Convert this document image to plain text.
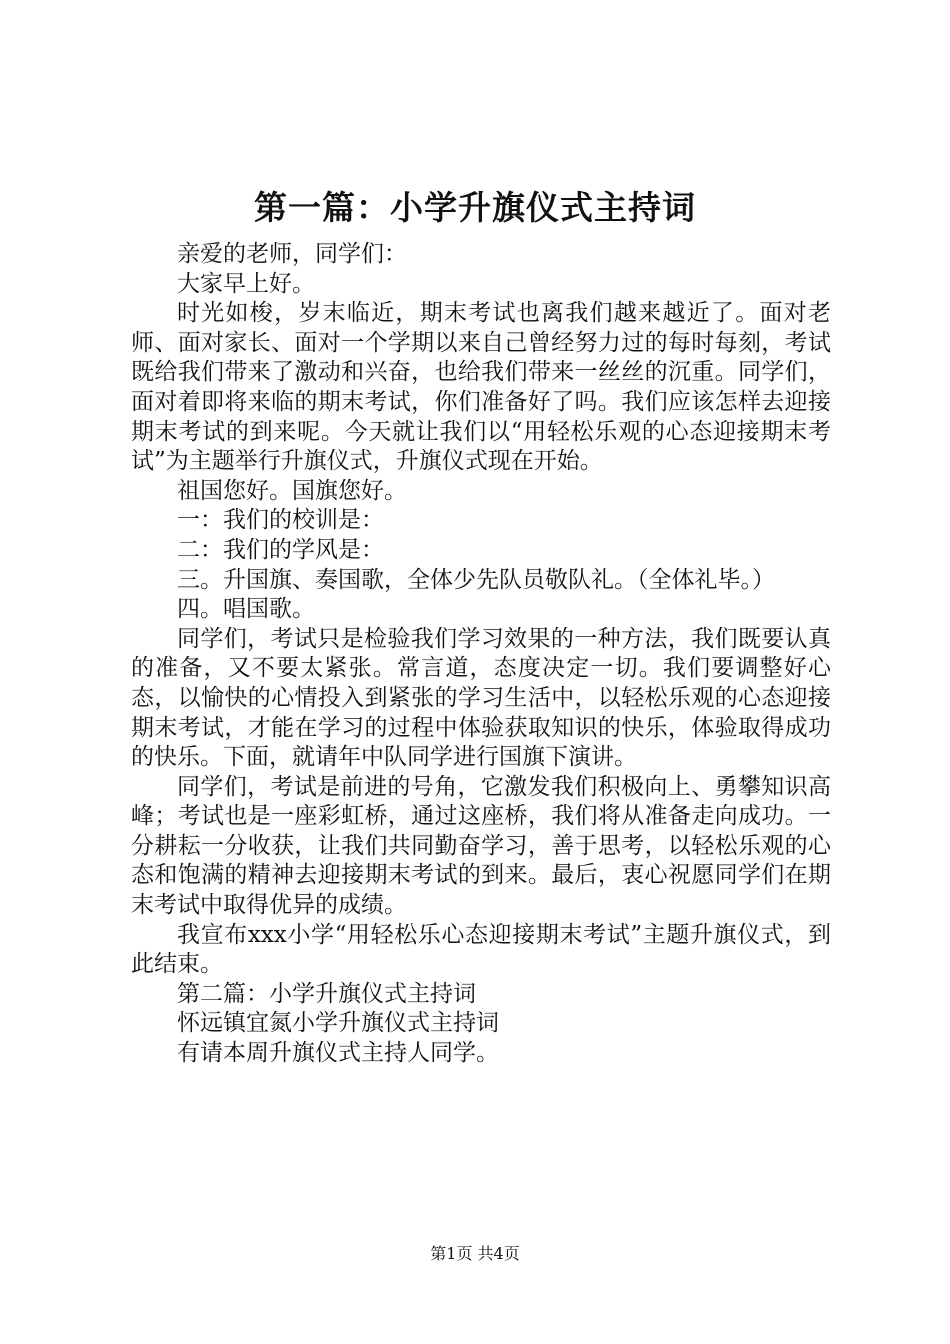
第一篇：小学升旗仪式主持词

亲爱的老师，同学们：

大家早上好。

时光如梭，岁末临近，期末考试也离我们越来越近了。面对老师、面对家长、面对一个学期以来自己曾经努力过的每时每刻，考试既给我们带来了激动和兴奋，也给我们带来一丝丝的沉重。同学们，面对着即将来临的期末考试，你们准备好了吗。我们应该怎样去迎接期末考试的到来呢。今天就让我们以“用轻松乐观的心态迎接期末考试”为主题举行升旗仪式，升旗仪式现在开始。

祖国您好。国旗您好。

一：我们的校训是：

二：我们的学风是：

三。升国旗、奏国歌，全体少先队员敬队礼。（全体礼毕。）

四。唱国歌。

同学们，考试只是检验我们学习效果的一种方法，我们既要认真的准备，又不要太紧张。常言道，态度决定一切。我们要调整好心态，以愉快的心情投入到紧张的学习生活中，以轻松乐观的心态迎接期末考试，才能在学习的过程中体验获取知识的快乐，体验取得成功的快乐。下面，就请年中队同学进行国旗下演讲。

同学们，考试是前进的号角，它激发我们积极向上、勇攀知识高峰；考试也是一座彩虹桥，通过这座桥，我们将从准备走向成功。一分耕耘一分收获，让我们共同勤奋学习，善于思考，以轻松乐观的心态和饱满的精神去迎接期末考试的到来。最后，衷心祝愿同学们在期末考试中取得优异的成绩。

我宣布xxx小学“用轻松乐心态迎接期末考试”主题升旗仪式，到此结束。

第二篇：小学升旗仪式主持词

怀远镇宜氮小学升旗仪式主持词

有请本周升旗仪式主持人同学。

第1页 共4页
